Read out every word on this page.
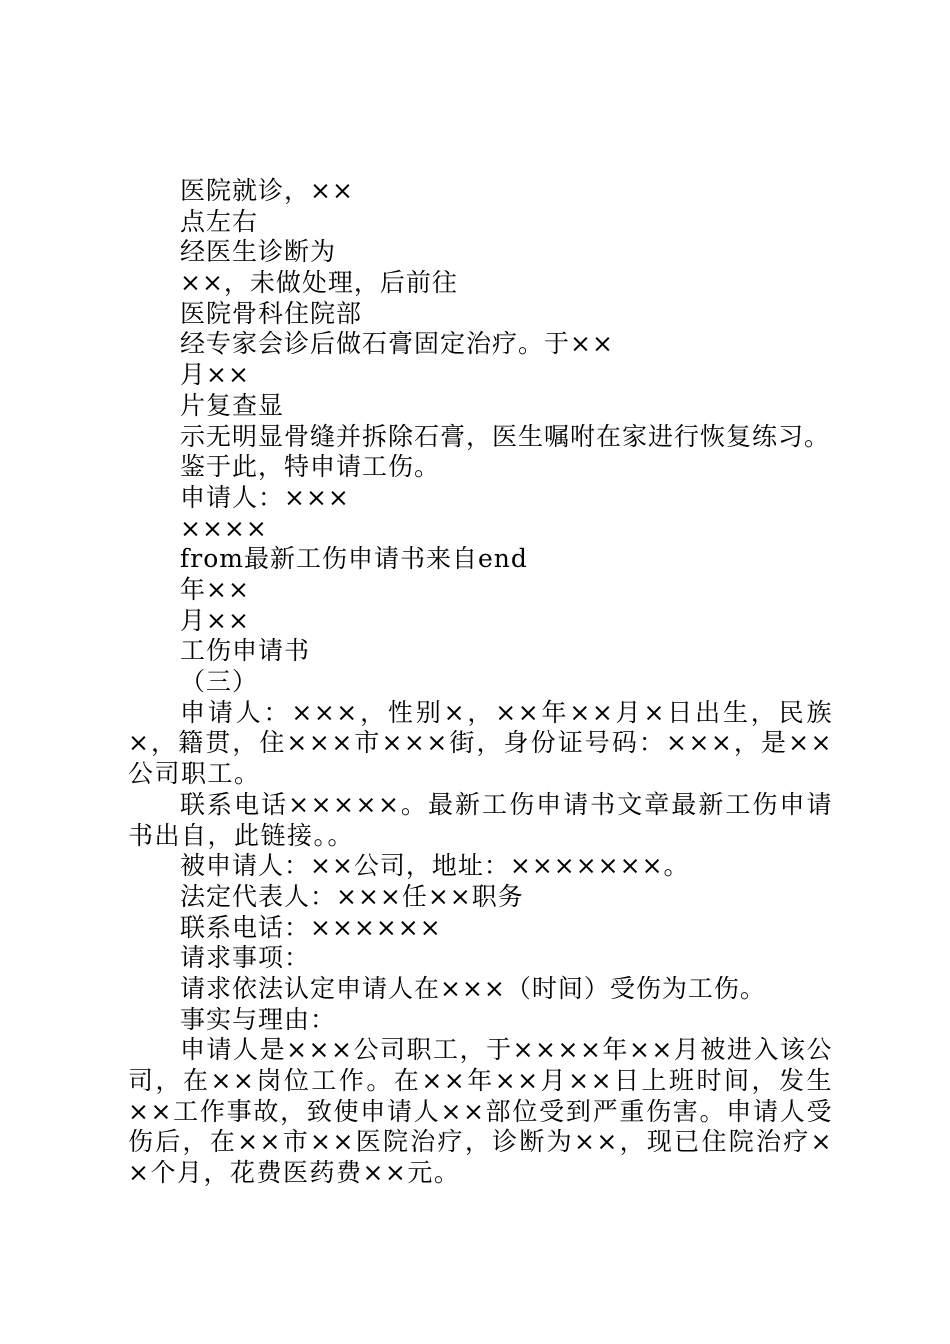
医院就诊，××

点左右

经医生诊断为

××，未做处理，后前往

医院骨科住院部

经专家会诊后做石膏固定治疗。于××

月××

片复查显

示无明显骨缝并拆除石膏，医生嘱咐在家进行恢复练习。

鉴于此，特申请工伤。

申请人：×××

××××

from最新工伤申请书来自end

年××

月××

工伤申请书

（三）

申请人：×××，性别×，××年××月×日出生，民族×，籍贯，住×××市×××街，身份证号码：×××，是××公司职工。

联系电话×××××。最新工伤申请书文章最新工伤申请书出自，此链接。。

被申请人：××公司，地址：×××××××。

法定代表人：×××任××职务

联系电话：××××××

请求事项：

请求依法认定申请人在×××（时间）受伤为工伤。

事实与理由：

申请人是×××公司职工，于××××年××月被进入该公司，在××岗位工作。在××年××月××日上班时间，发生××工作事故，致使申请人××部位受到严重伤害。申请人受伤后，在××市××医院治疗，诊断为××，现已住院治疗××个月，花费医药费××元。
